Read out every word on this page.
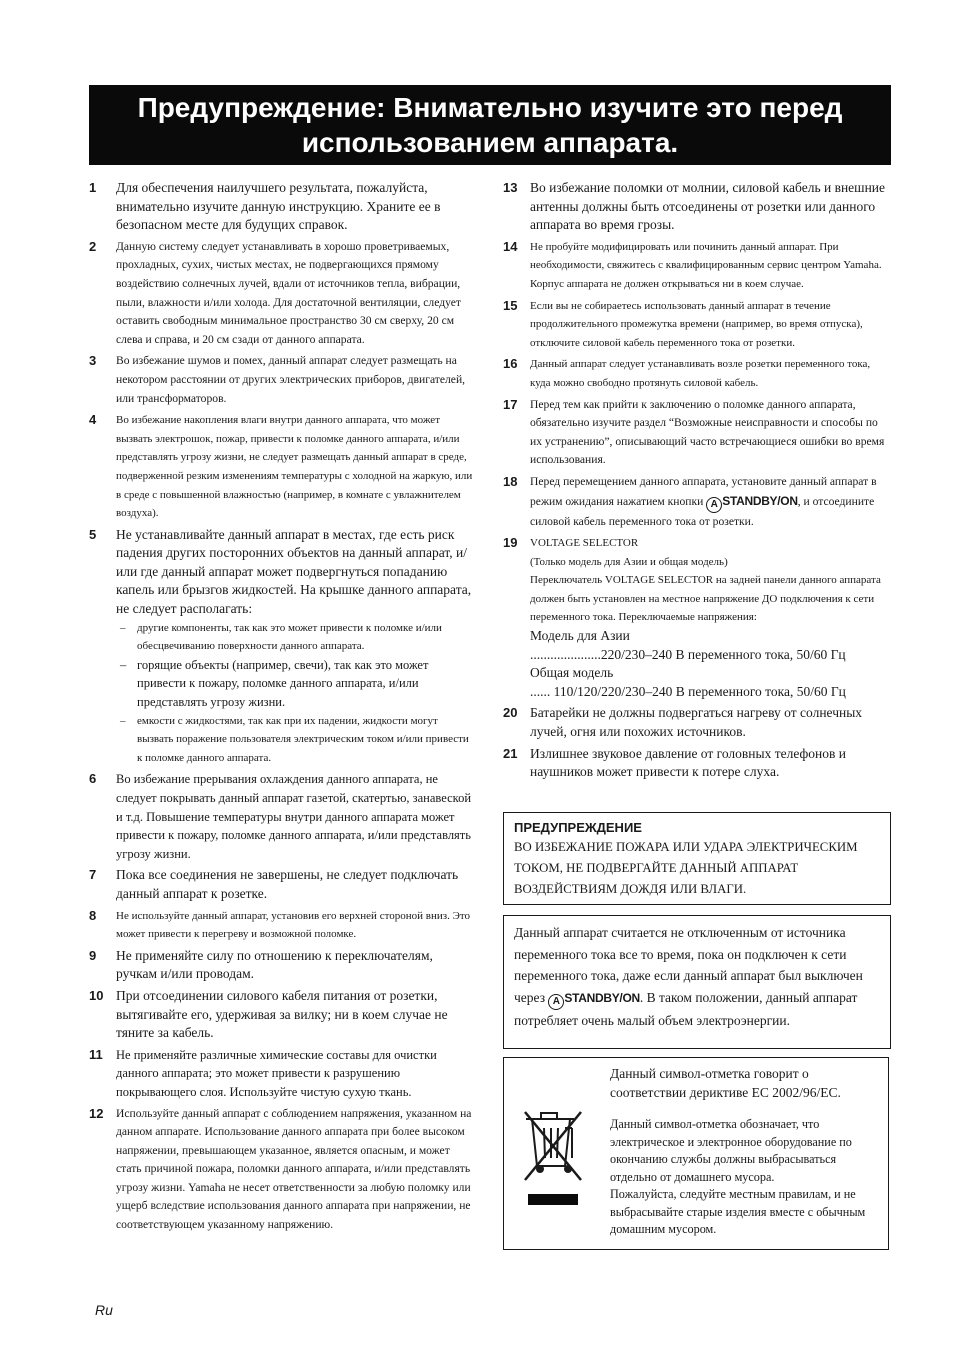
Предупреждение: Внимательно изучите это перед
использованием аппарата.
1 Для обеспечения наилучшего результата, пожалуйста, внимательно изучите данную инструкцию. Храните ее в безопасном месте для будущих справок.
2 Данную систему следует устанавливать в хорошо проветриваемых, прохладных, сухих, чистых местах, не подвергающихся прямому воздействию солнечных лучей, вдали от источников тепла, вибрации, пыли, влажности и/или холода. Для достаточной вентиляции, следует оставить свободным минимальное пространство 30 см сверху, 20 см слева и справа, и 20 см сзади от данного аппарата.
3 Во избежание шумов и помех, данный аппарат следует размещать на некотором расстоянии от других электрических приборов, двигателей, или трансформаторов.
4 Во избежание накопления влаги внутри данного аппарата, что может вызвать электрошок, пожар, привести к поломке данного аппарата, и/или представлять угрозу жизни, не следует размещать данный аппарат в среде, подверженной резким изменениям температуры с холодной на жаркую, или в среде с повышенной влажностью (например, в комнате с увлажнителем воздуха).
5 Не устанавливайте данный аппарат в местах, где есть риск падения других посторонних объектов на данный аппарат, и/или где данный аппарат может подвергнуться попаданию капель или брызгов жидкостей. На крышке данного аппарата, не следует располагать:
– другие компоненты, так как это может привести к поломке и/или обесцвечиванию поверхности данного аппарата.
– горящие объекты (например, свечи), так как это может привести к пожару, поломке данного аппарата, и/или представлять угрозу жизни.
– емкости с жидкостями, так как при их падении, жидкости могут вызвать поражение пользователя электрическим током и/или привести к поломке данного аппарата.
6 Во избежание прерывания охлаждения данного аппарата, не следует покрывать данный аппарат газетой, скатертью, занавеской и т.д. Повышение температуры внутри данного аппарата может привести к пожару, поломке данного аппарата, и/или представлять угрозу жизни.
7 Пока все соединения не завершены, не следует подключать данный аппарат к розетке.
8 Не используйте данный аппарат, установив его верхней стороной вниз. Это может привести к перегреву и возможной поломке.
9 Не применяйте силу по отношению к переключателям, ручкам и/или проводам.
10 При отсоединении силового кабеля питания от розетки, вытягивайте его, удерживая за вилку; ни в коем случае не тяните за кабель.
11 Не применяйте различные химические составы для очистки данного аппарата; это может привести к разрушению покрывающего слоя. Используйте чистую сухую ткань.
12 Используйте данный аппарат с соблюдением напряжения, указанном на данном аппарате. Использование данного аппарата при более высоком напряжении, превышающем указанное, является опасным, и может стать причиной пожара, поломки данного аппарата, и/или представлять угрозу жизни. Yamaha не несет ответственности за любую поломку или ущерб вследствие использования данного аппарата при напряжении, не соответствующем указанному напряжению.
13 Во избежание поломки от молнии, силовой кабель и внешние антенны должны быть отсоединены от розетки или данного аппарата во время грозы.
14 Не пробуйте модифицировать или починить данный аппарат. При необходимости, свяжитесь с квалифицированным сервис центром Yamaha. Корпус аппарата не должен открываться ни в коем случае.
15 Если вы не собираетесь использовать данный аппарат в течение продолжительного промежутка времени (например, во время отпуска), отключите силовой кабель переменного тока от розетки.
16 Данный аппарат следует устанавливать возле розетки переменного тока, куда можно свободно протянуть силовой кабель.
17 Перед тем как прийти к заключению о поломке данного аппарата, обязательно изучите раздел “Возможные неисправности и способы по их устранению”, описывающий часто встречающиеся ошибки во время использования.
18 Перед перемещением данного аппарата, установите данный аппарат в режим ожидания нажатием кнопки A STANDBY/ON, и отсоедините силовой кабель переменного тока от розетки.
19 VOLTAGE SELECTOR
(Только модель для Азии и общая модель)
Переключатель VOLTAGE SELECTOR на задней панели данного аппарата должен быть установлен на местное напряжение ДО подключения к сети переменного тока. Переключаемые напряжения:
Модель для Азии
.....................220/230–240 В переменного тока, 50/60 Гц
Общая модель
...... 110/120/220/230–240 В переменного тока, 50/60 Гц
20 Батарейки не должны подвергаться нагреву от солнечных лучей, огня или похожих источников.
21 Излишнее звуковое давление от головных телефонов и наушников может привести к потере слуха.
ПРЕДУПРЕЖДЕНИЕ
ВО ИЗБЕЖАНИЕ ПОЖАРА ИЛИ УДАРА ЭЛЕКТРИЧЕСКИМ ТОКОМ, НЕ ПОДВЕРГАЙТЕ ДАННЫЙ АППАРАТ ВОЗДЕЙСТВИЯМ ДОЖДЯ ИЛИ ВЛАГИ.
Данный аппарат считается не отключенным от источника переменного тока все то время, пока он подключен к сети переменного тока, даже если данный аппарат был выключен через A STANDBY/ON. В таком положении, данный аппарат потребляет очень малый объем электроэнергии.
Данный символ-отметка говорит о соответствии дериктиве ЕС 2002/96/ЕС.
Данный символ-отметка обозначает, что электрическое и электронное оборудование по окончанию службы должны выбрасываться отдельно от домашнего мусора.
Пожалуйста, следуйте местным правилам, и не выбрасывайте старые изделия вместе с обычным домашним мусором.
Ru
